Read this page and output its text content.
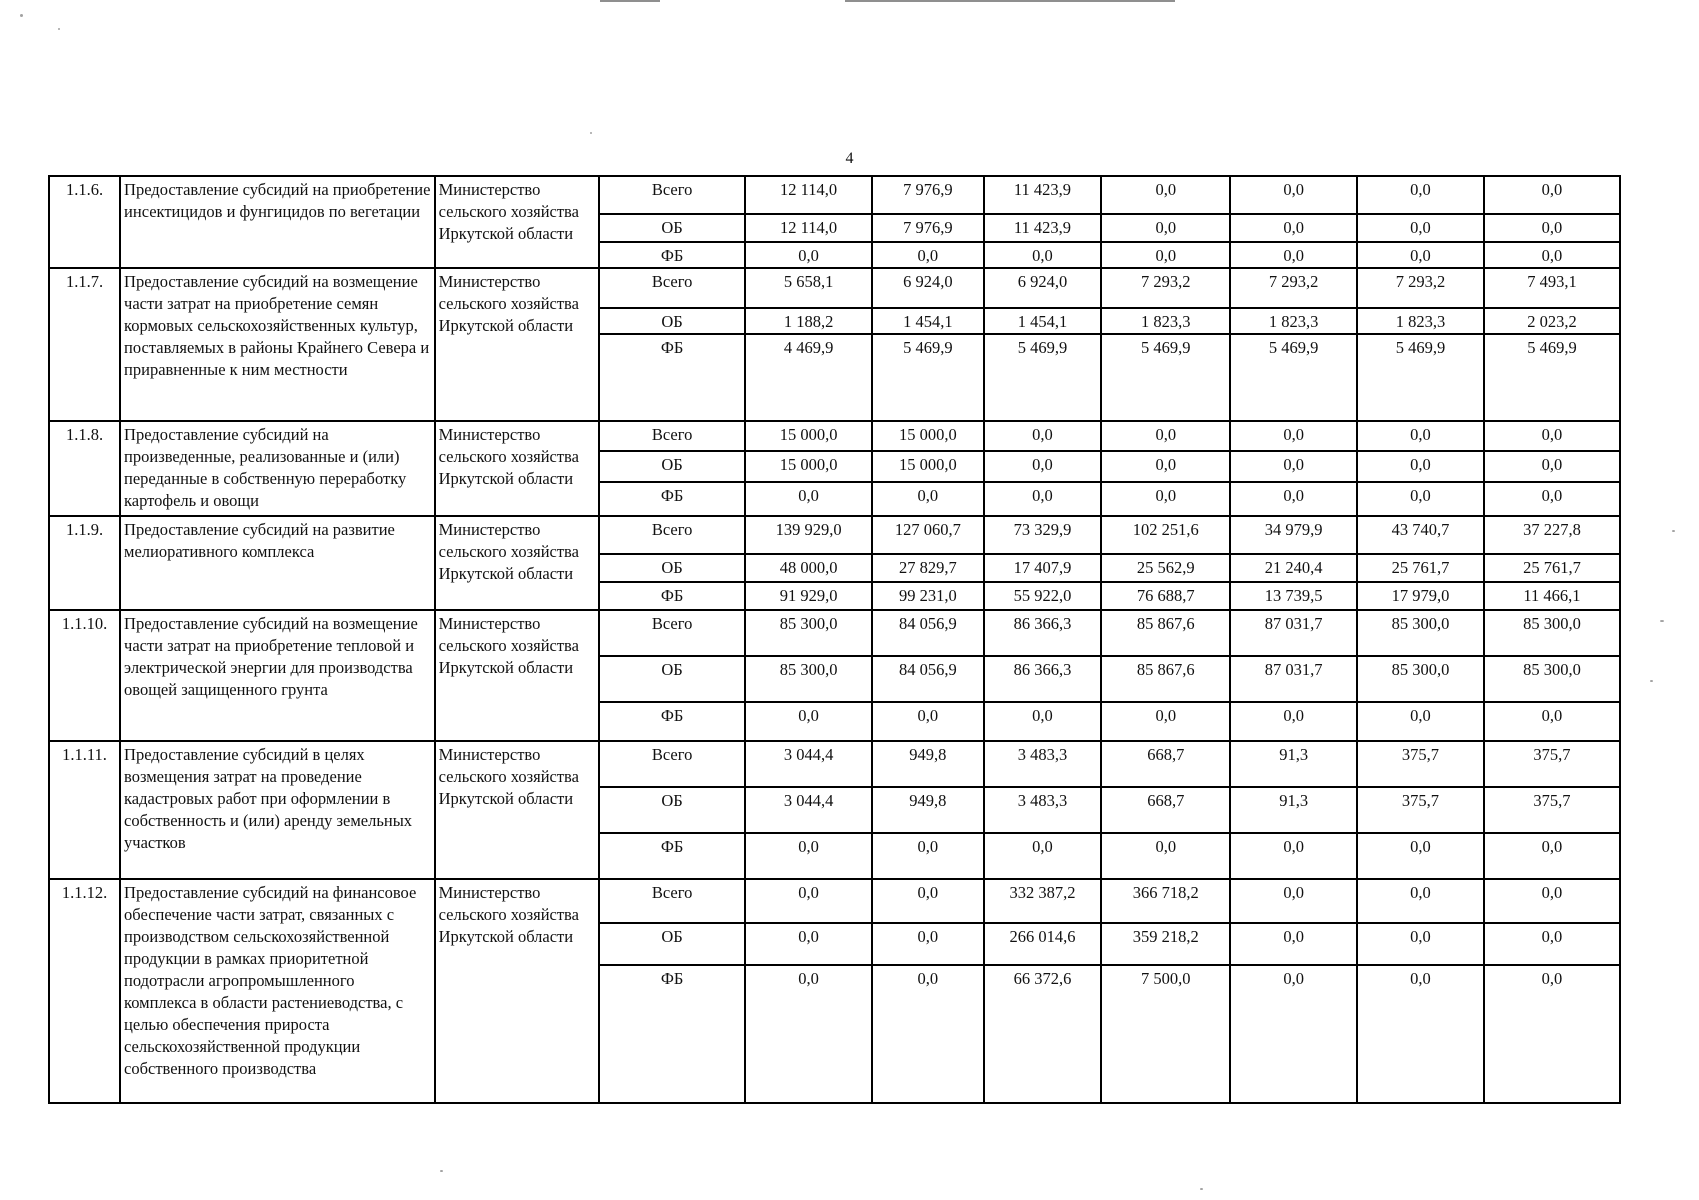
4
1.1.6.	Предоставление субсидий на приобретение инсектицидов и фунгицидов по вегетации	Министерство сельского хозяйства Иркутской области	Всего	12 114,0	7 976,9	11 423,9	0,0	0,0	0,0	0,0
			ОБ	12 114,0	7 976,9	11 423,9	0,0	0,0	0,0	0,0
			ФБ	0,0	0,0	0,0	0,0	0,0	0,0	0,0
1.1.7.	Предоставление субсидий на возмещение части затрат на приобретение семян кормовых сельскохозяйственных культур, поставляемых в районы Крайнего Севера и приравненные к ним местности	Министерство сельского хозяйства Иркутской области	Всего	5 658,1	6 924,0	6 924,0	7 293,2	7 293,2	7 293,2	7 493,1
			ОБ	1 188,2	1 454,1	1 454,1	1 823,3	1 823,3	1 823,3	2 023,2
			ФБ	4 469,9	5 469,9	5 469,9	5 469,9	5 469,9	5 469,9	5 469,9
1.1.8.	Предоставление субсидий на произведенные, реализованные и (или) переданные в собственную переработку картофель и овощи	Министерство сельского хозяйства Иркутской области	Всего	15 000,0	15 000,0	0,0	0,0	0,0	0,0	0,0
			ОБ	15 000,0	15 000,0	0,0	0,0	0,0	0,0	0,0
			ФБ	0,0	0,0	0,0	0,0	0,0	0,0	0,0
1.1.9.	Предоставление субсидий на развитие мелиоративного комплекса	Министерство сельского хозяйства Иркутской области	Всего	139 929,0	127 060,7	73 329,9	102 251,6	34 979,9	43 740,7	37 227,8
			ОБ	48 000,0	27 829,7	17 407,9	25 562,9	21 240,4	25 761,7	25 761,7
			ФБ	91 929,0	99 231,0	55 922,0	76 688,7	13 739,5	17 979,0	11 466,1
1.1.10.	Предоставление субсидий на возмещение части затрат на приобретение тепловой и электрической энергии для производства овощей защищенного грунта	Министерство сельского хозяйства Иркутской области	Всего	85 300,0	84 056,9	86 366,3	85 867,6	87 031,7	85 300,0	85 300,0
			ОБ	85 300,0	84 056,9	86 366,3	85 867,6	87 031,7	85 300,0	85 300,0
			ФБ	0,0	0,0	0,0	0,0	0,0	0,0	0,0
1.1.11.	Предоставление субсидий в целях возмещения затрат на проведение кадастровых работ при оформлении в собственность и (или) аренду земельных участков	Министерство сельского хозяйства Иркутской области	Всего	3 044,4	949,8	3 483,3	668,7	91,3	375,7	375,7
			ОБ	3 044,4	949,8	3 483,3	668,7	91,3	375,7	375,7
			ФБ	0,0	0,0	0,0	0,0	0,0	0,0	0,0
1.1.12.	Предоставление субсидий на финансовое обеспечение части затрат, связанных с производством сельскохозяйственной продукции в рамках приоритетной подотрасли агропромышленного комплекса в области растениеводства, с целью обеспечения прироста сельскохозяйственной продукции собственного производства	Министерство сельского хозяйства Иркутской области	Всего	0,0	0,0	332 387,2	366 718,2	0,0	0,0	0,0
			ОБ	0,0	0,0	266 014,6	359 218,2	0,0	0,0	0,0
			ФБ	0,0	0,0	66 372,6	7 500,0	0,0	0,0	0,0
